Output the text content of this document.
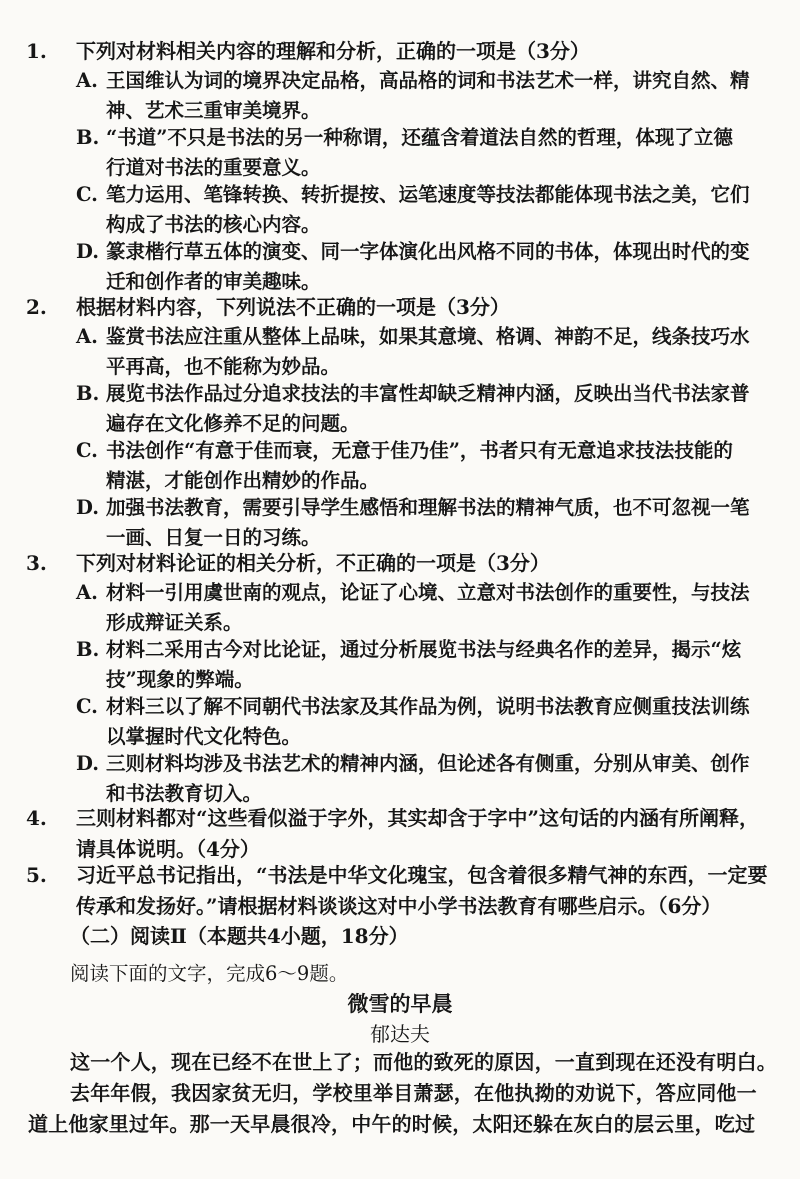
1. 下列对材料相关内容的理解和分析，正确的一项是（3分）
A. 王国维认为词的境界决定品格，高品格的词和书法艺术一样，讲究自然、精
神、艺术三重审美境界。
B. “书道”不只是书法的另一种称谓，还蕴含着道法自然的哲理，体现了立德
行道对书法的重要意义。
C. 笔力运用、笔锋转换、转折提按、运笔速度等技法都能体现书法之美，它们
构成了书法的核心内容。
D. 篆隶楷行草五体的演变、同一字体演化出风格不同的书体，体现出时代的变
迁和创作者的审美趣味。
2. 根据材料内容，下列说法不正确的一项是（3分）
A. 鉴赏书法应注重从整体上品味，如果其意境、格调、神韵不足，线条技巧水
平再高，也不能称为妙品。
B. 展览书法作品过分追求技法的丰富性却缺乏精神内涵，反映出当代书法家普
遍存在文化修养不足的问题。
C. 书法创作“有意于佳而衰，无意于佳乃佳”，书者只有无意追求技法技能的
精湛，才能创作出精妙的作品。
D. 加强书法教育，需要引导学生感悟和理解书法的精神气质，也不可忽视一笔
一画、日复一日的习练。
3. 下列对材料论证的相关分析，不正确的一项是（3分）
A. 材料一引用虞世南的观点，论证了心境、立意对书法创作的重要性，与技法
形成辩证关系。
B. 材料二采用古今对比论证，通过分析展览书法与经典名作的差异，揭示“炫
技”现象的弊端。
C. 材料三以了解不同朝代书法家及其作品为例，说明书法教育应侧重技法训练
以掌握时代文化特色。
D. 三则材料均涉及书法艺术的精神内涵，但论述各有侧重，分别从审美、创作
和书法教育切入。
4. 三则材料都对“这些看似溢于字外，其实却含于字中”这句话的内涵有所阐释，
请具体说明。（4分）
5. 习近平总书记指出，“书法是中华文化瑰宝，包含着很多精气神的东西，一定要
传承和发扬好。”请根据材料谈谈这对中小学书法教育有哪些启示。（6分）
（二）阅读Ⅱ（本题共4小题，18分）
阅读下面的文字，完成6～9题。
微雪的早晨
郁达夫
这一个人，现在已经不在世上了；而他的致死的原因，一直到现在还没有明白。
去年年假，我因家贫无归，学校里举目萧瑟，在他执拗的劝说下，答应同他一
道上他家里过年。那一天早晨很冷，中午的时候，太阳还躲在灰白的层云里，吃过
